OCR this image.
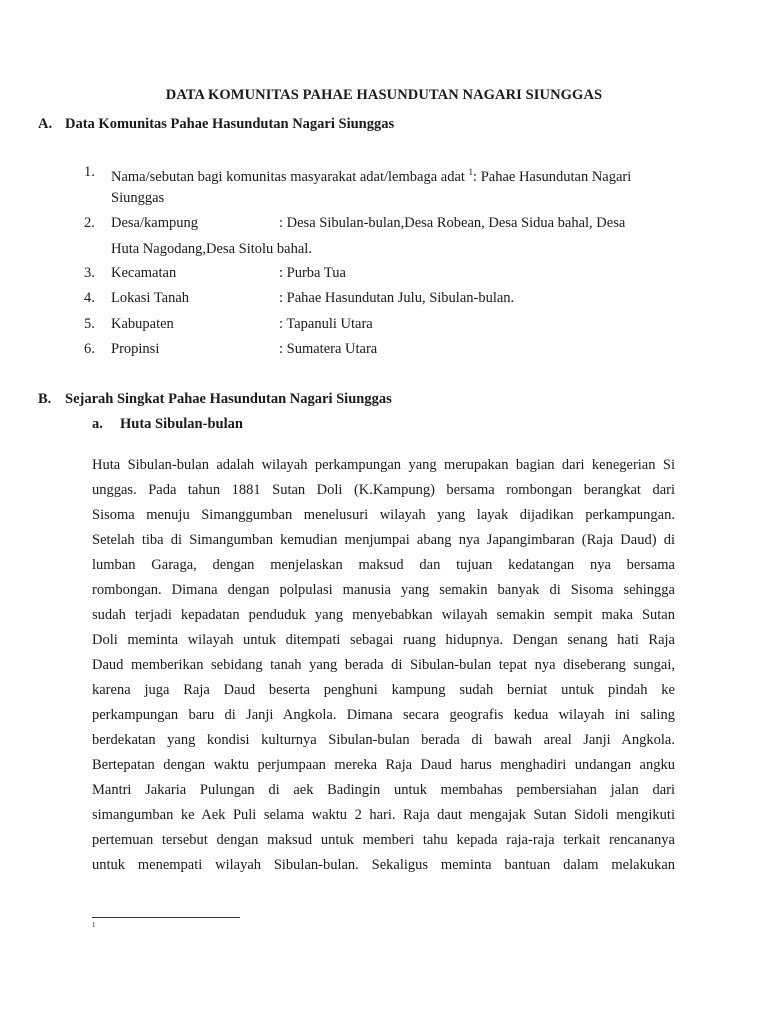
DATA KOMUNITAS PAHAE HASUNDUTAN NAGARI SIUNGGAS
A. Data Komunitas Pahae Hasundutan Nagari Siunggas
1. Nama/sebutan bagi komunitas masyarakat adat/lembaga adat $^1$: Pahae Hasundutan Nagari
Siunggas
2. Desa/kampung	: Desa Sibulan-bulan,Desa Robean, Desa Sidua bahal, Desa
Huta Nagodang,Desa Sitolu bahal.
3. Kecamatan	: Purba Tua
4. Lokasi Tanah	: Pahae Hasundutan Julu, Sibulan-bulan.
5. Kabupaten	: Tapanuli Utara
6. Propinsi	: Sumatera Utara
B. Sejarah Singkat Pahae Hasundutan Nagari Siunggas
a. Huta Sibulan-bulan
Huta Sibulan-bulan adalah wilayah perkampungan yang merupakan bagian dari kenegerian Si
unggas. Pada tahun 1881 Sutan Doli (K.Kampung) bersama rombongan berangkat dari
Sisoma menuju Simanggumban menelusuri wilayah yang layak dijadikan perkampungan.
Setelah tiba di Simangumban kemudian menjumpai abang nya Japangimbaran (Raja Daud) di
lumban Garaga, dengan menjelaskan maksud dan tujuan kedatangan nya bersama
rombongan. Dimana dengan polpulasi manusia yang semakin banyak di Sisoma sehingga
sudah terjadi kepadatan penduduk yang menyebabkan wilayah semakin sempit maka Sutan
Doli meminta wilayah untuk ditempati sebagai ruang hidupnya. Dengan senang hati Raja
Daud memberikan sebidang tanah yang berada di Sibulan-bulan tepat nya diseberang sungai,
karena juga Raja Daud beserta penghuni kampung sudah berniat untuk pindah ke
perkampungan baru di Janji Angkola. Dimana secara geografis kedua wilayah ini saling
berdekatan yang kondisi kulturnya Sibulan-bulan berada di bawah areal Janji Angkola.
Bertepatan dengan waktu perjumpaan mereka Raja Daud harus menghadiri undangan angku
Mantri Jakaria Pulungan di aek Badingin untuk membahas pembersiahan jalan dari
simangumban ke Aek Puli selama waktu 2 hari. Raja daut mengajak Sutan Sidoli mengikuti
pertemuan tersebut dengan maksud untuk memberi tahu kepada raja-raja terkait rencananya
untuk menempati wilayah Sibulan-bulan. Sekaligus meminta bantuan dalam melakukan
1
